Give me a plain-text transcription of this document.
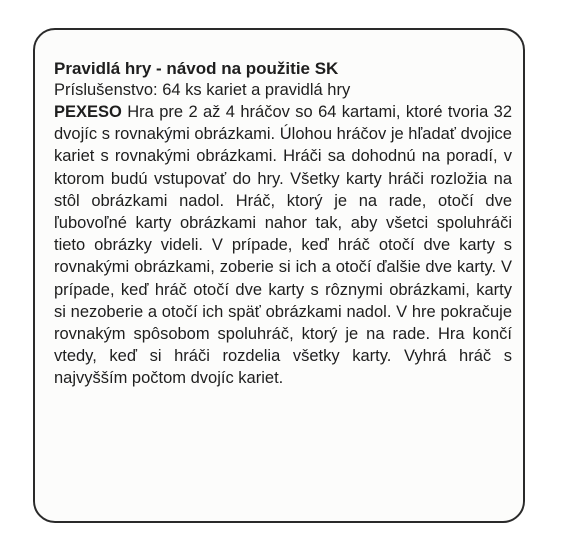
Pravidlá hry - návod na použitie SK

Príslušenstvo: 64 ks kariet a pravidlá hry

PEXESO Hra pre 2 až 4 hráčov so 64 kartami, ktoré tvoria 32 dvojíc s rovnakými obrázkami. Úlohou hráčov je hľadať dvojice kariet s rovnakými obrázkami. Hráči sa dohodnú na poradí, v ktorom budú vstupovať do hry. Všetky karty hráči rozložia na stôl obrázkami nadol. Hráč, ktorý je na rade, otočí dve ľubovoľné karty obrázkami nahor tak, aby všetci spoluhráči tieto obrázky videli. V prípade, keď hráč otočí dve karty s rovnakými obrázkami, zoberie si ich a otočí ďalšie dve karty. V prípade, keď hráč otočí dve karty s rôznymi obrázkami, karty si nezoberie a otočí ich späť obrázkami nadol. V hre pokračuje rovnakým spôsobom spoluhráč, ktorý je na rade. Hra končí vtedy, keď si hráči rozdelia všetky karty. Vyhrá hráč s najvyšším počtom dvojíc kariet.
